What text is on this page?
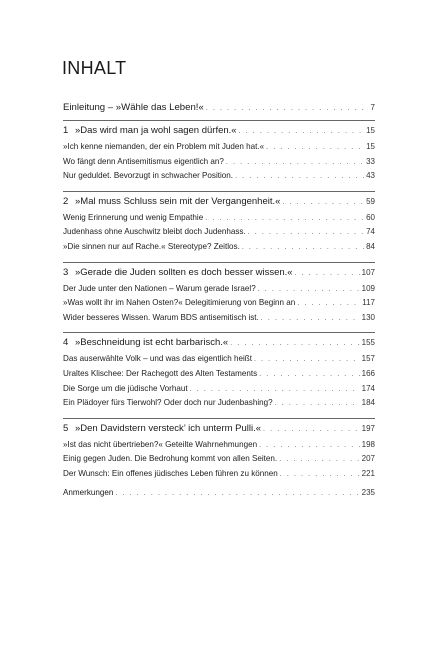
INHALT
Einleitung – »Wähle das Leben!« . . .	7
1 »Das wird man ja wohl sagen dürfen.« . . .	15
»Ich kenne niemanden, der ein Problem mit Juden hat.« . . .	15
Wo fängt denn Antisemitismus eigentlich an? . . .	33
Nur geduldet. Bevorzugt in schwacher Position. . . .	43
2 »Mal muss Schluss sein mit der Vergangenheit.« . . .	59
Wenig Erinnerung und wenig Empathie . . .	60
Judenhass ohne Auschwitz bleibt doch Judenhass. . . .	74
»Die sinnen nur auf Rache.« Stereotype? Zeitlos. . . .	84
3 »Gerade die Juden sollten es doch besser wissen.« . . .	107
Der Jude unter den Nationen – Warum gerade Israel? . . .	109
»Was wollt ihr im Nahen Osten?« Delegitimierung von Beginn an . . .	117
Wider besseres Wissen. Warum BDS antisemitisch ist. . . .	130
4 »Beschneidung ist echt barbarisch.« . . .	155
Das auserwählte Volk – und was das eigentlich heißt . . .	157
Uraltes Klischee: Der Rachegott des Alten Testaments . . .	166
Die Sorge um die jüdische Vorhaut . . .	174
Ein Plädoyer fürs Tierwohl? Oder doch nur Judenbashing? . . .	184
5 »Den Davidstern versteck’ ich unterm Pulli.« . . .	197
»Ist das nicht übertrieben?« Geteilte Wahrnehmungen . . .	198
Einig gegen Juden. Die Bedrohung kommt von allen Seiten. . . .	207
Der Wunsch: Ein offenes jüdisches Leben führen zu können . . .	221
Anmerkungen . . .	235
